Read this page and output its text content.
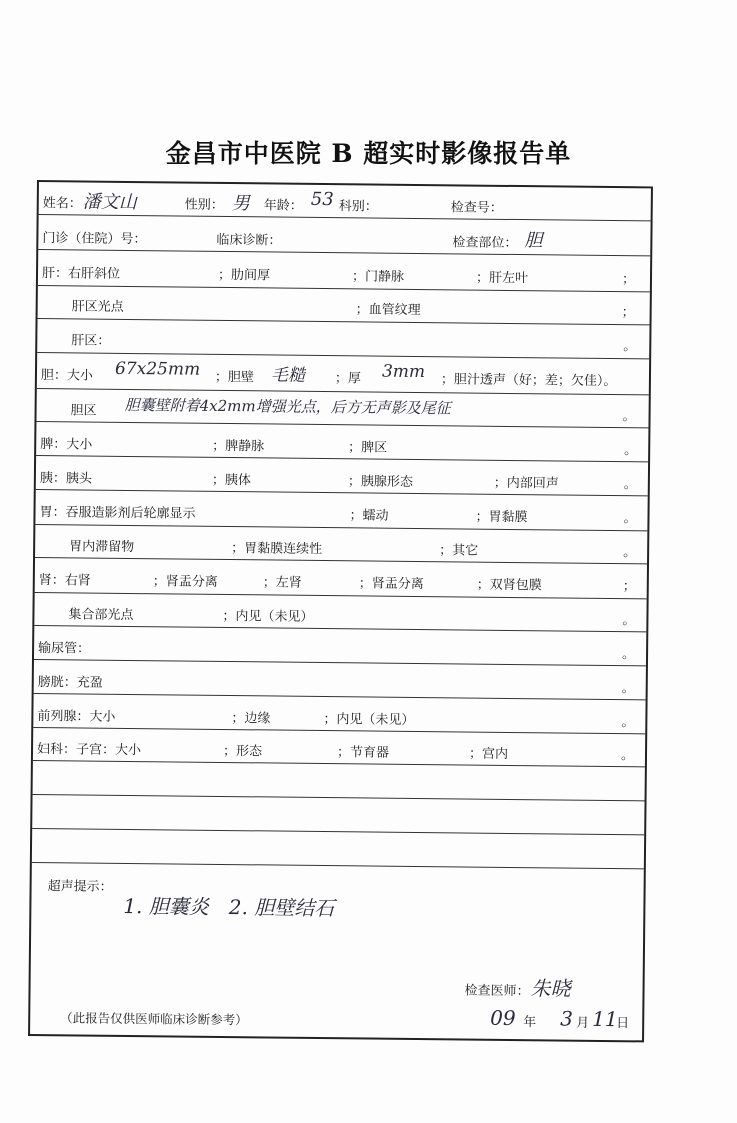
金昌市中医院 B 超实时影像报告单
姓名： 潘文山	性别： 男 年龄： 53 科别：	检查号：
门诊（住院）号：	临床诊断：	检查部位： 胆
肝：右肝斜位	；肋间厚	；门静脉	；肝左叶	；
肝区光点	；血管纹理	；
肝区：	。
胆：大小 67x25mm ；胆壁 毛糙 ；厚 3mm ；胆汁透声（好；差；欠佳）。
胆区 胆囊壁附着4x2mm增强光点，后方无声影及尾征	。
脾：大小	；脾静脉	；脾区	。
胰：胰头	；胰体	；胰腺形态	；内部回声	。
胃：吞服造影剂后轮廓显示	；蠕动	；胃黏膜	。
胃内滞留物	；胃黏膜连续性	；其它	。
肾：右肾	；肾盂分离	；左肾	；肾盂分离	；双肾包膜	；
集合部光点	；内见（未见）	。
输尿管：	。
膀胱：充盈	。
前列腺：大小	；边缘	；内见（未见）	。
妇科：子宫：大小	；形态	；节育器	；宫内	。
超声提示：
1. 胆囊炎　2. 胆壁结石
检查医师： 朱晓
（此报告仅供医师临床诊断参考）	09 年 3 月 11
日
